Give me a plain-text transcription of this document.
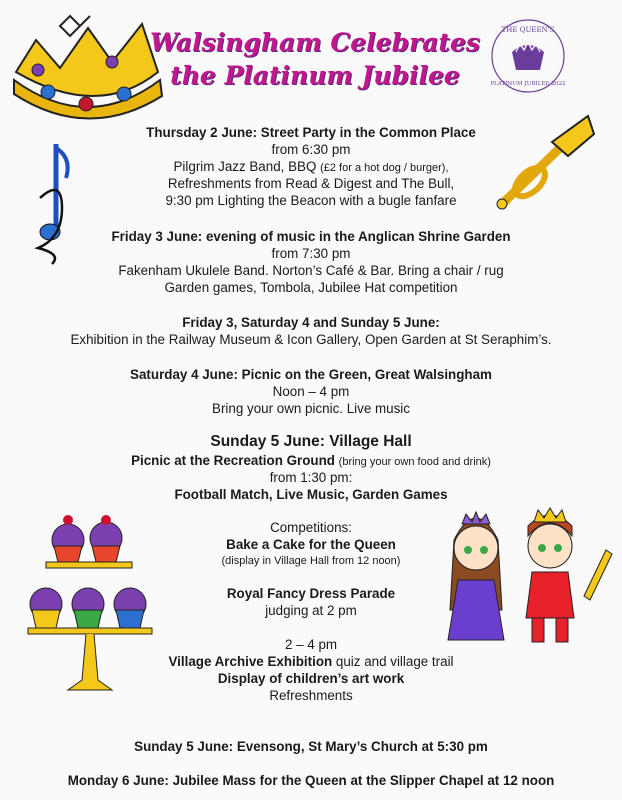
Walsingham Celebrates
the Platinum Jubilee
THE QUEEN'S
PLATINUM JUBILEE 2022
Thursday 2 June: Street Party in the Common Place
from 6:30 pm
Pilgrim Jazz Band, BBQ (£2 for a hot dog / burger),
Refreshments from Read & Digest and The Bull,
9:30 pm Lighting the Beacon with a bugle fanfare
Friday 3 June: evening of music in the Anglican Shrine Garden
from 7:30 pm
Fakenham Ukulele Band. Norton’s Café & Bar. Bring a chair / rug
Garden games, Tombola, Jubilee Hat competition
Friday 3, Saturday 4 and Sunday 5 June:
Exhibition in the Railway Museum & Icon Gallery, Open Garden at St Seraphim’s.
Saturday 4 June: Picnic on the Green, Great Walsingham
Noon – 4 pm
Bring your own picnic. Live music
Sunday 5 June: Village Hall
Picnic at the Recreation Ground (bring your own food and drink)
from 1:30 pm:
Football Match, Live Music, Garden Games
Competitions:
Bake a Cake for the Queen
(display in Village Hall from 12 noon)
Royal Fancy Dress Parade
judging at 2 pm
2 – 4 pm
Village Archive Exhibition quiz and village trail
Display of children’s art work
Refreshments
Sunday 5 June: Evensong, St Mary’s Church at 5:30 pm
Monday 6 June: Jubilee Mass for the Queen at the Slipper Chapel at 12 noon
